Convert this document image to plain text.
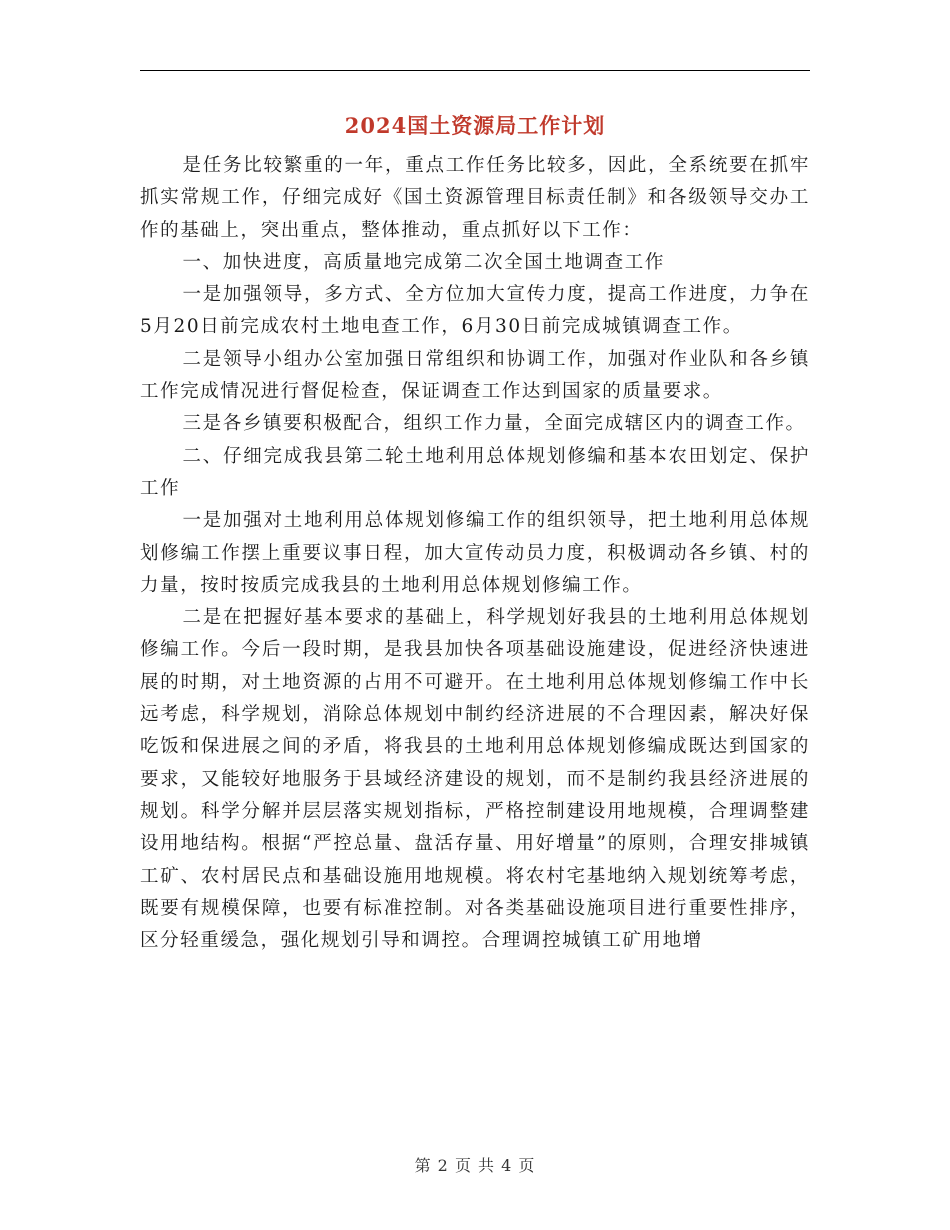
2024国土资源局工作计划

是任务比较繁重的一年，重点工作任务比较多，因此，全系统要在抓牢抓实常规工作，仔细完成好《国土资源管理目标责任制》和各级领导交办工作的基础上，突出重点，整体推动，重点抓好以下工作：

一、加快进度，高质量地完成第二次全国土地调查工作

一是加强领导，多方式、全方位加大宣传力度，提高工作进度，力争在5月20日前完成农村土地电查工作，6月30日前完成城镇调查工作。

二是领导小组办公室加强日常组织和协调工作，加强对作业队和各乡镇工作完成情况进行督促检查，保证调查工作达到国家的质量要求。

三是各乡镇要积极配合，组织工作力量，全面完成辖区内的调查工作。

二、仔细完成我县第二轮土地利用总体规划修编和基本农田划定、保护工作

一是加强对土地利用总体规划修编工作的组织领导，把土地利用总体规划修编工作摆上重要议事日程，加大宣传动员力度，积极调动各乡镇、村的力量，按时按质完成我县的土地利用总体规划修编工作。

二是在把握好基本要求的基础上，科学规划好我县的土地利用总体规划修编工作。今后一段时期，是我县加快各项基础设施建设，促进经济快速进展的时期，对土地资源的占用不可避开。在土地利用总体规划修编工作中长远考虑，科学规划，消除总体规划中制约经济进展的不合理因素，解决好保吃饭和保进展之间的矛盾，将我县的土地利用总体规划修编成既达到国家的要求，又能较好地服务于县域经济建设的规划，而不是制约我县经济进展的规划。科学分解并层层落实规划指标，严格控制建设用地规模，合理调整建设用地结构。根据“严控总量、盘活存量、用好增量”的原则，合理安排城镇工矿、农村居民点和基础设施用地规模。将农村宅基地纳入规划统筹考虑，既要有规模保障，也要有标准控制。对各类基础设施项目进行重要性排序，区分轻重缓急，强化规划引导和调控。合理调控城镇工矿用地增

第 2 页 共 4 页
